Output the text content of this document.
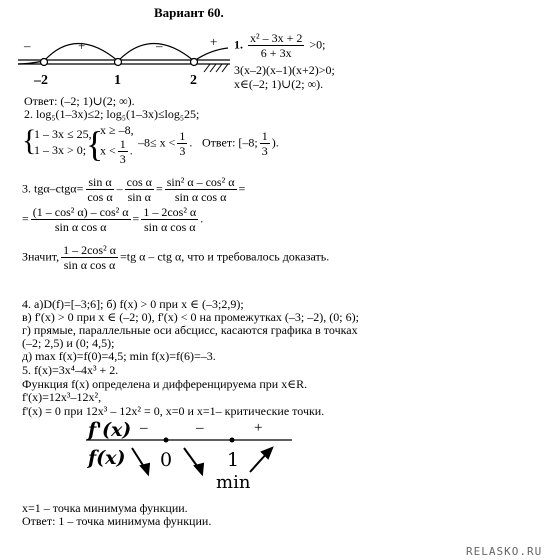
Вариант 60.
–	+	–	+
–2	1	2
1. $\frac{\text{x² – 3x + 2}}{6 + 3x} >0$;
3(x–2)(x–1)(x+2)>0;
x∈(–2; 1)∪(2; ∞).
Ответ: (–2; 1)∪(2; ∞).
2. log₅(1–3x)≤2; log₅(1–3x)≤log₅25;
{
1 – 3x ≤ 25,
1 – 3x > 0; {
x ≥ –8,
$x < \frac{1}{3}$ .
$-8\le x < \frac{1}{3}$ . Ответ: [–8; $\frac{1}{3}$ ).
3. $tg\alpha-ctg\alpha= \frac{\text{sin α}}{\text{cos α}} - \frac{\text{cos α}}{\text{sin α}} = \frac{\text{sin² α – cos² α}}{\text{sin α cos α}}$ =
= $\frac{\text{(1 – cos² α) – cos² α}}{\text{sin α cos α}} = \frac{\text{1 – 2cos² α}}{\text{sin α cos α}}$ .
Значит, $\frac{\text{1 – 2cos² α}}{\text{sin α cos α}} =tg$ α – ctg α, что и требовалось доказать.
4. а)D(f)=[–3;6]; б) f(x) > 0 при x ∈ (–3;2,9);
в) f'(x) > 0 при x ∈ (–2; 0), f'(x) < 0 на промежутках (–3; –2), (0; 6);
г) прямые, параллельные оси абсцисс, касаются графика в точках
(–2; 2,5) и (0; 4,5);
д) max f(x)=f(0)=4,5; min f(x)=f(6)=–3.
5. f(x)=3x⁴–4x³ + 2.
Функция f(x) определена и дифференцируема при x∈R.
f'(x)=12x³–12x²,
f'(x) = 0 при 12x³ – 12x² = 0, x=0 и x=1– критические точки.
f'(x)
f(x)
–	–	+
0	1
min
x=1 – точка минимума функции.
Ответ: 1 – точка минимума функции.
RELASKO.RU
